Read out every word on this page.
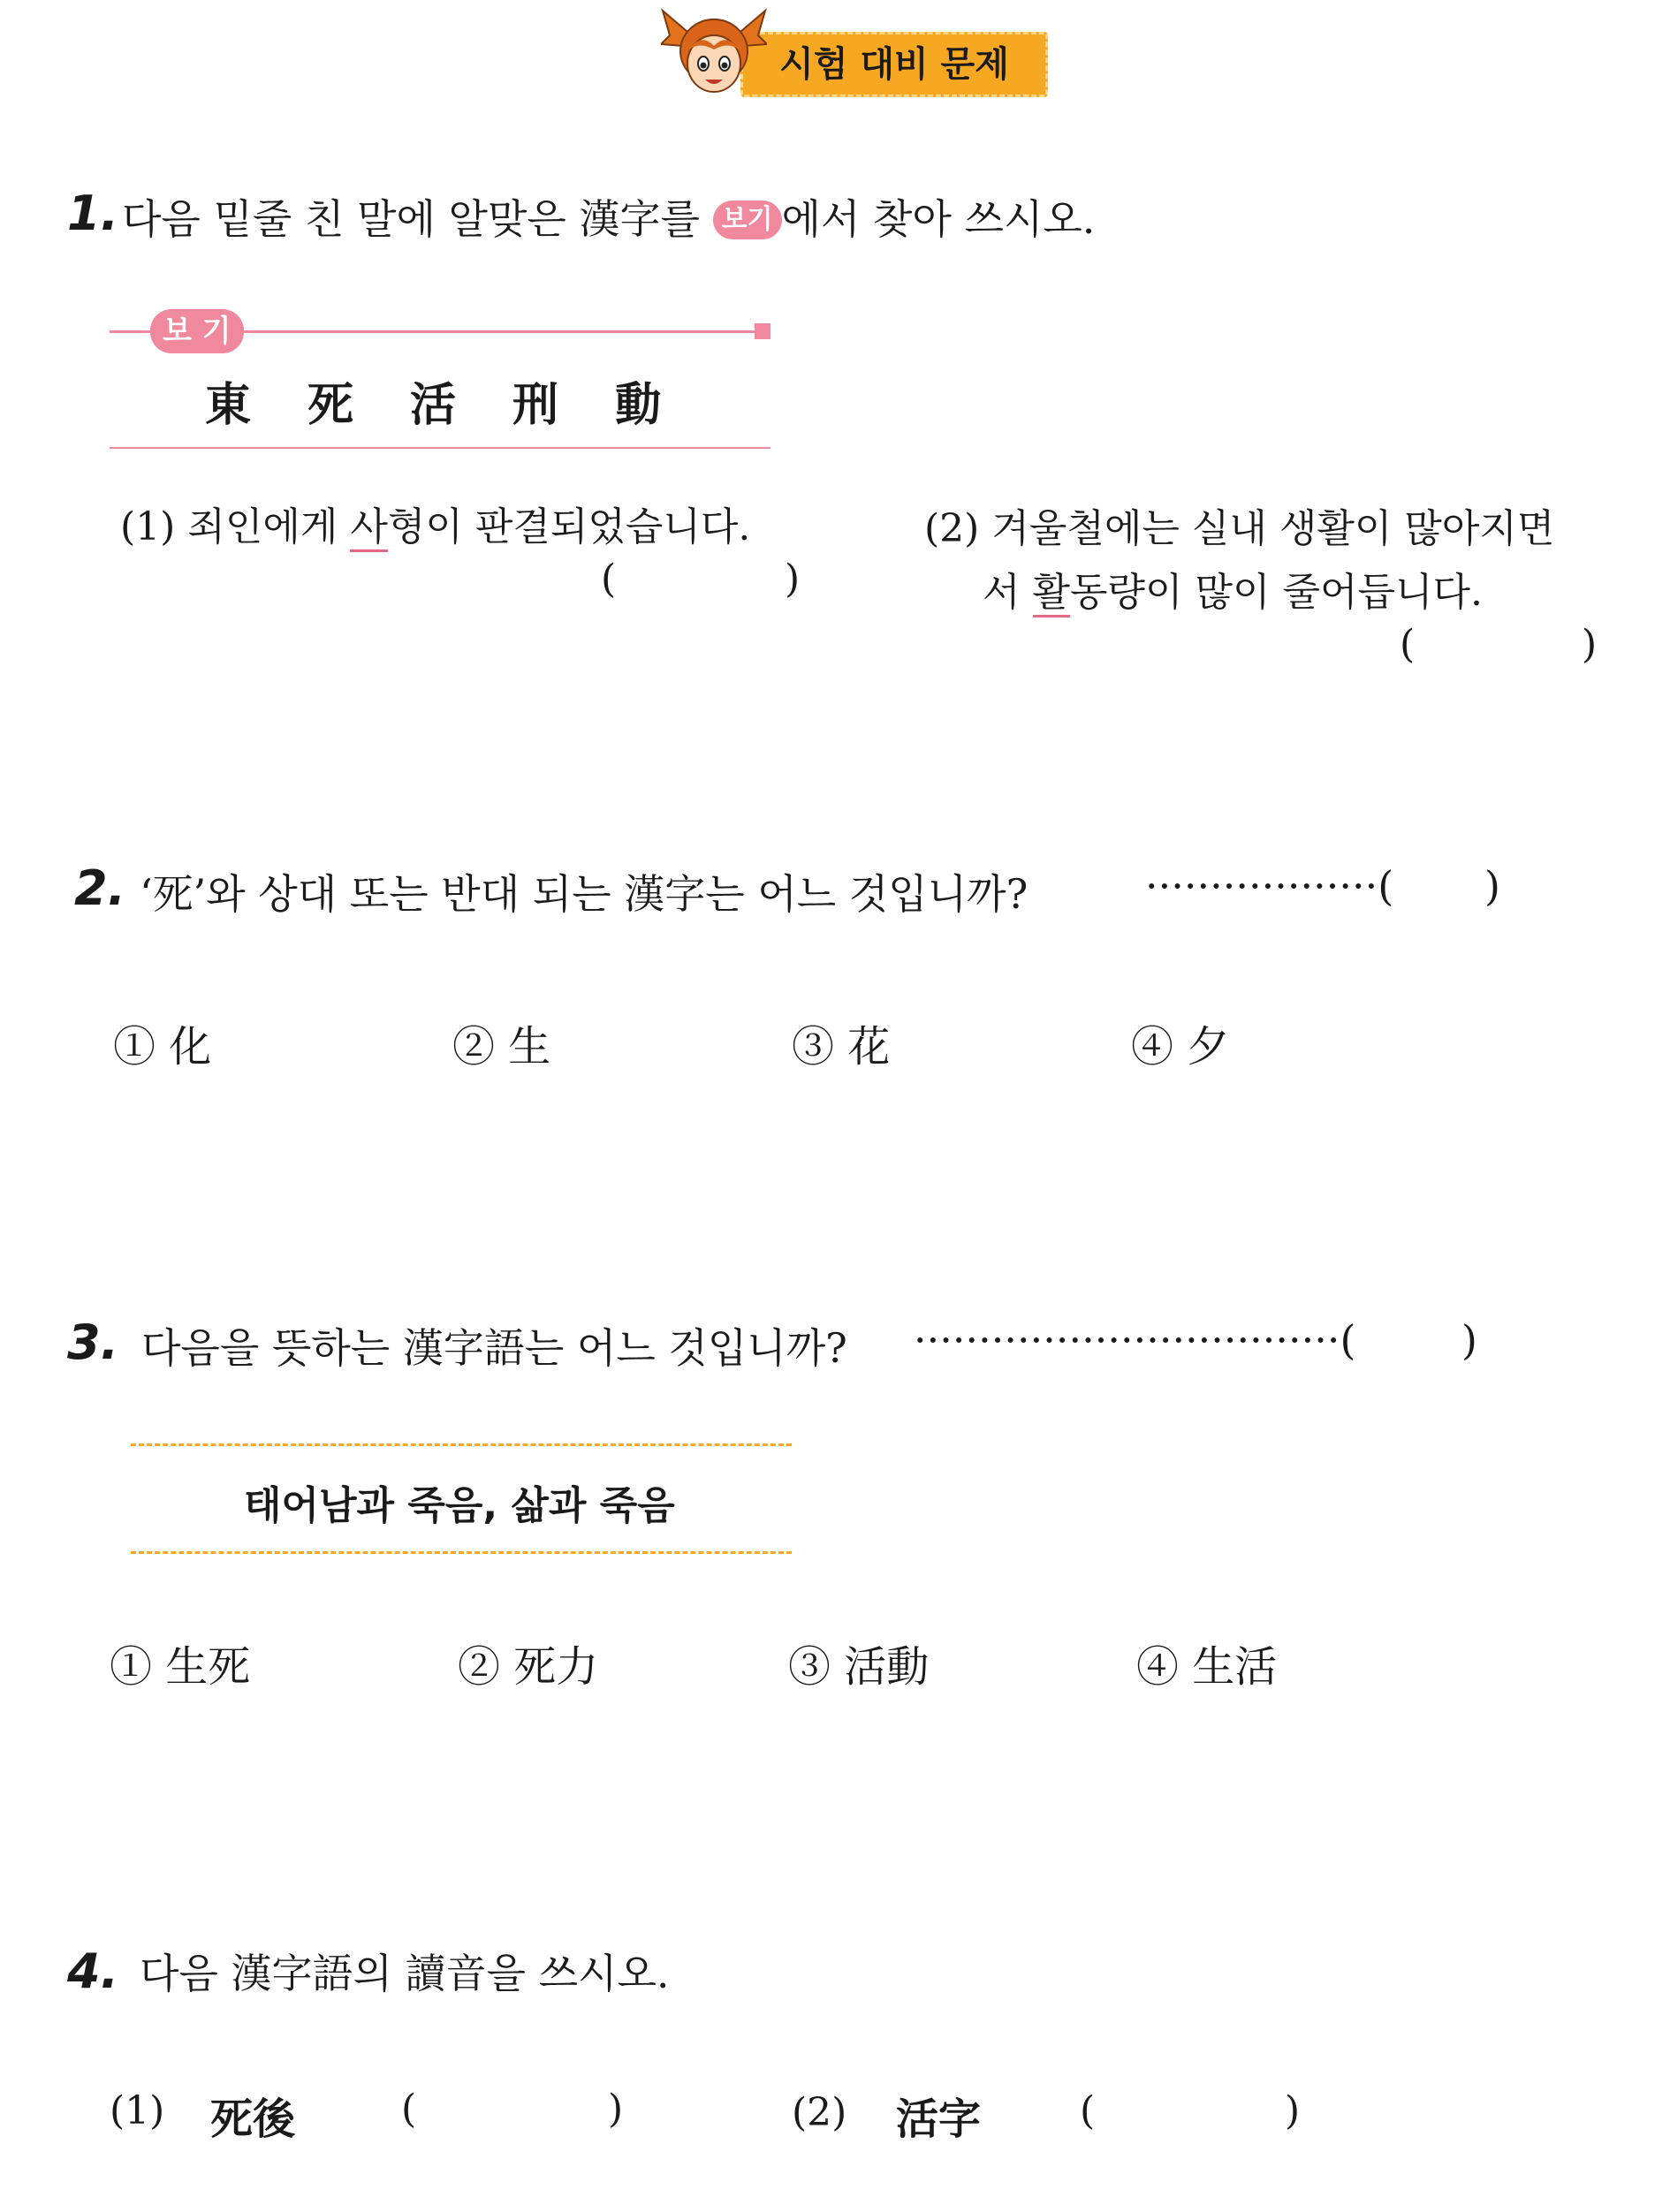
시험 대비 문제
1. 다음 밑줄 친 말에 알맞은 漢字를 보기 에서 찾아 쓰시오.
보 기
東 死 活 刑 動
(1) 죄인에게 사형이 판결되었습니다.
(	)
(2) 겨울철에는 실내 생활이 많아지면
서 활동량이 많이 줄어듭니다.
(	)
2. ‘死’와 상대 또는 반대 되는 漢字는 어느 것입니까?	··················( )
① 化	② 生	③ 花	④ 夕
3. 다음을 뜻하는 漢字語는 어느 것입니까? ·································(	)
태어남과 죽음, 삶과 죽음
① 生死	② 死力	③ 活動	④ 生活
4. 다음 漢字語의 讀音을 쓰시오.
(1) 死後	(	)	(2) 活字	(	)
